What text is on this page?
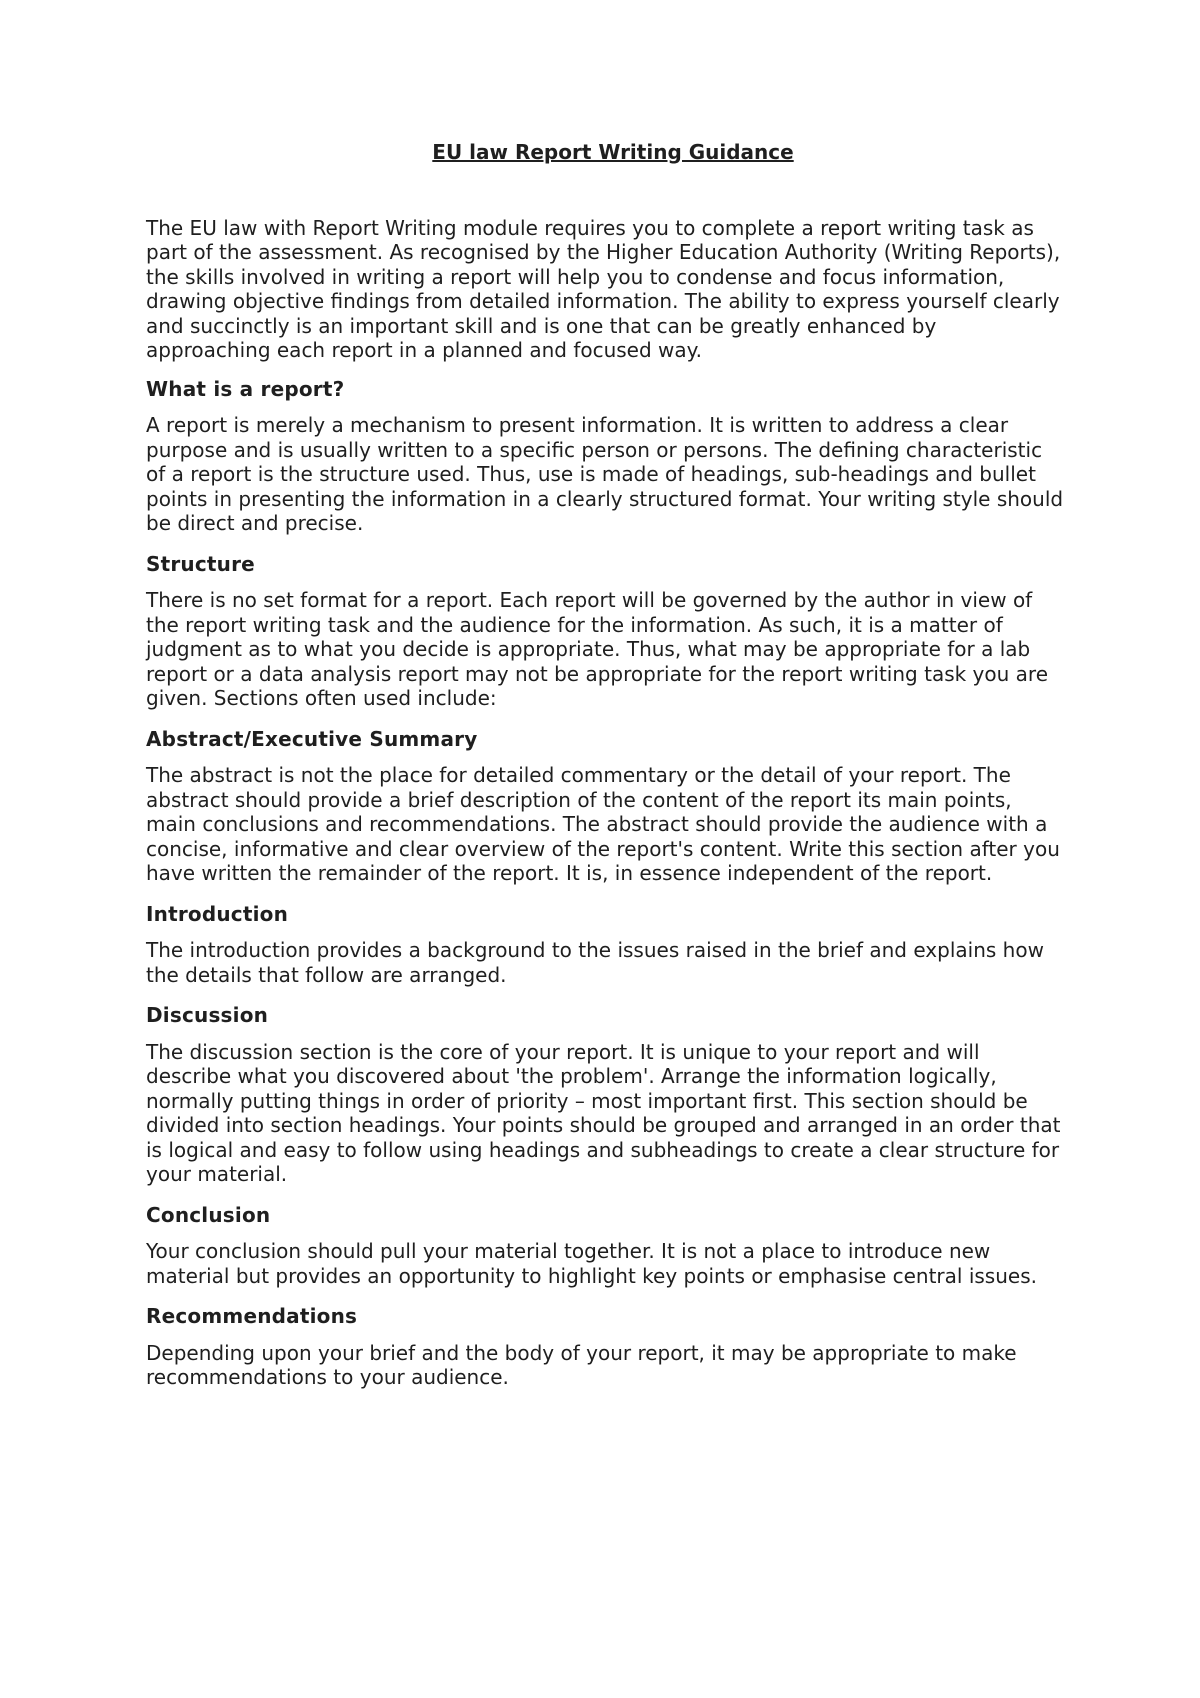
EU law Report Writing Guidance

The EU law with Report Writing module requires you to complete a report writing task as part of the assessment. As recognised by the Higher Education Authority (Writing Reports), the skills involved in writing a report will help you to condense and focus information, drawing objective findings from detailed information. The ability to express yourself clearly and succinctly is an important skill and is one that can be greatly enhanced by approaching each report in a planned and focused way.

What is a report?

A report is merely a mechanism to present information. It is written to address a clear purpose and is usually written to a specific person or persons. The defining characteristic of a report is the structure used. Thus, use is made of headings, sub-headings and bullet points in presenting the information in a clearly structured format. Your writing style should be direct and precise.

Structure

There is no set format for a report. Each report will be governed by the author in view of the report writing task and the audience for the information. As such, it is a matter of judgment as to what you decide is appropriate. Thus, what may be appropriate for a lab report or a data analysis report may not be appropriate for the report writing task you are given. Sections often used include:

Abstract/Executive Summary

The abstract is not the place for detailed commentary or the detail of your report. The abstract should provide a brief description of the content of the report its main points, main conclusions and recommendations. The abstract should provide the audience with a concise, informative and clear overview of the report's content. Write this section after you have written the remainder of the report. It is, in essence independent of the report.

Introduction

The introduction provides a background to the issues raised in the brief and explains how the details that follow are arranged.

Discussion

The discussion section is the core of your report. It is unique to your report and will describe what you discovered about 'the problem'. Arrange the information logically, normally putting things in order of priority – most important first. This section should be divided into section headings. Your points should be grouped and arranged in an order that is logical and easy to follow using headings and subheadings to create a clear structure for your material.

Conclusion

Your conclusion should pull your material together. It is not a place to introduce new material but provides an opportunity to highlight key points or emphasise central issues.

Recommendations

Depending upon your brief and the body of your report, it may be appropriate to make recommendations to your audience.
